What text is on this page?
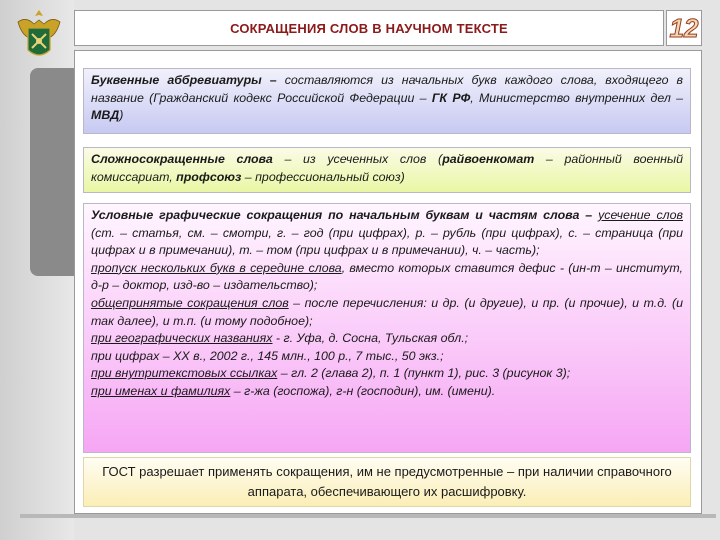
СОКРАЩЕНИЯ СЛОВ В НАУЧНОМ ТЕКСТЕ	12
Буквенные аббревиатуры – составляются из начальных букв каждого слова, входящего в название (Гражданский кодекс Российской Федерации – ГК РФ, Министерство внутренних дел – МВД)
Сложносокращенные слова – из усеченных слов (райвоенкомат – районный военный комиссариат, профсоюз – профессиональный союз)
Условные графические сокращения по начальным буквам и частям слова – усечение слов (ст. – статья, см. – смотри, г. – год (при цифрах), р. – рубль (при цифрах), с. – страница (при цифрах и в примечании), т. – том (при цифрах и в примечании), ч. – часть);
пропуск нескольких букв в середине слова, вместо которых ставится дефис - (ин-т – институт, д-р – доктор, изд-во – издательство);
общепринятые сокращения слов – после перечисления: и др. (и другие), и пр. (и прочие), и т.д. (и так далее), и т.п. (и тому подобное);
при географических названиях - г. Уфа, д. Сосна, Тульская обл.;
при цифрах – XX в., 2002 г., 145 млн., 100 р., 7 тыс., 50 экз.;
при внутритекстовых ссылках – гл. 2 (глава 2), п. 1 (пункт 1), рис. 3 (рисунок 3);
при именах и фамилиях – г-жа (госпожа), г-н (господин), им. (имени).
ГОСТ разрешает применять сокращения, им не предусмотренные – при наличии справочного аппарата, обеспечивающего их расшифровку.
